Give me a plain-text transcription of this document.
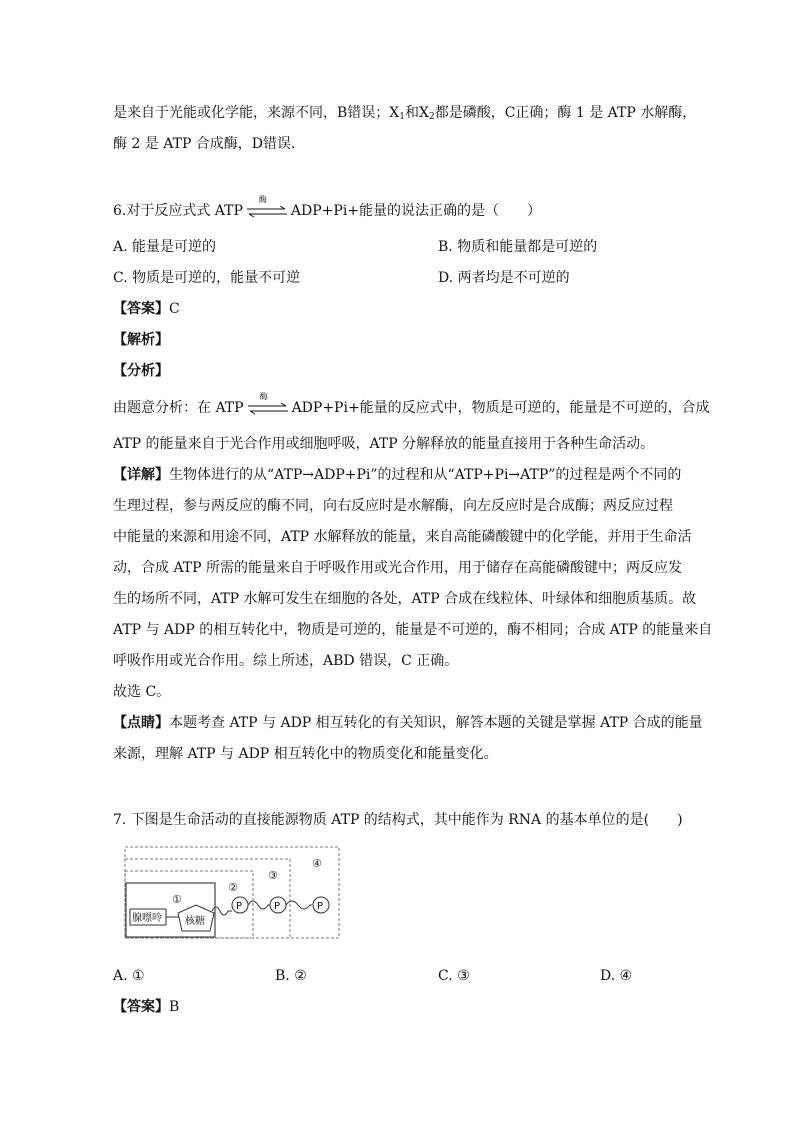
是来自于光能或化学能，来源不同，B错误；$X_1$和$X_2$都是磷酸，C正确；酶 1 是 ATP 水解酶，
酶 2 是 ATP 合成酶，D错误．
6.对于反应式式 ATP
酶
ADP+Pi+能量的说法正确的是（　　）
A. 能量是可逆的	B. 物质和能量都是可逆的
C. 物质是可逆的，能量不可逆	D. 两者均是不可逆的
【答案】C
【解析】
【分析】
由题意分析：在 ATP
酶
ADP+Pi+能量的反应式中，物质是可逆的，能量是不可逆的，合成
ATP 的能量来自于光合作用或细胞呼吸，ATP 分解释放的能量直接用于各种生命活动。
【详解】生物体进行的从“ATP→ADP+Pi”的过程和从“ATP+Pi→ATP”的过程是两个不同的
生理过程，参与两反应的酶不同，向右反应时是水解酶，向左反应时是合成酶；两反应过程
中能量的来源和用途不同，ATP 水解释放的能量，来自高能磷酸键中的化学能，并用于生命活
动，合成 ATP 所需的能量来自于呼吸作用或光合作用，用于储存在高能磷酸键中；两反应发
生的场所不同，ATP 水解可发生在细胞的各处，ATP 合成在线粒体、叶绿体和细胞质基质。故
ATP 与 ADP 的相互转化中，物质是可逆的，能量是不可逆的，酶不相同；合成 ATP 的能量来自
呼吸作用或光合作用。综上所述，ABD 错误，C 正确。
故选 C。
【点睛】本题考查 ATP 与 ADP 相互转化的有关知识，解答本题的关键是掌握 ATP 合成的能量
来源，理解 ATP 与 ADP 相互转化中的物质变化和能量变化。
7. 下图是生命活动的直接能源物质 ATP 的结构式，其中能作为 RNA 的基本单位的是(　　)
④
③
②
①
腺嘌呤 核糖
P	P	P
A. ①	B. ②	C. ③	D. ④
【答案】B
